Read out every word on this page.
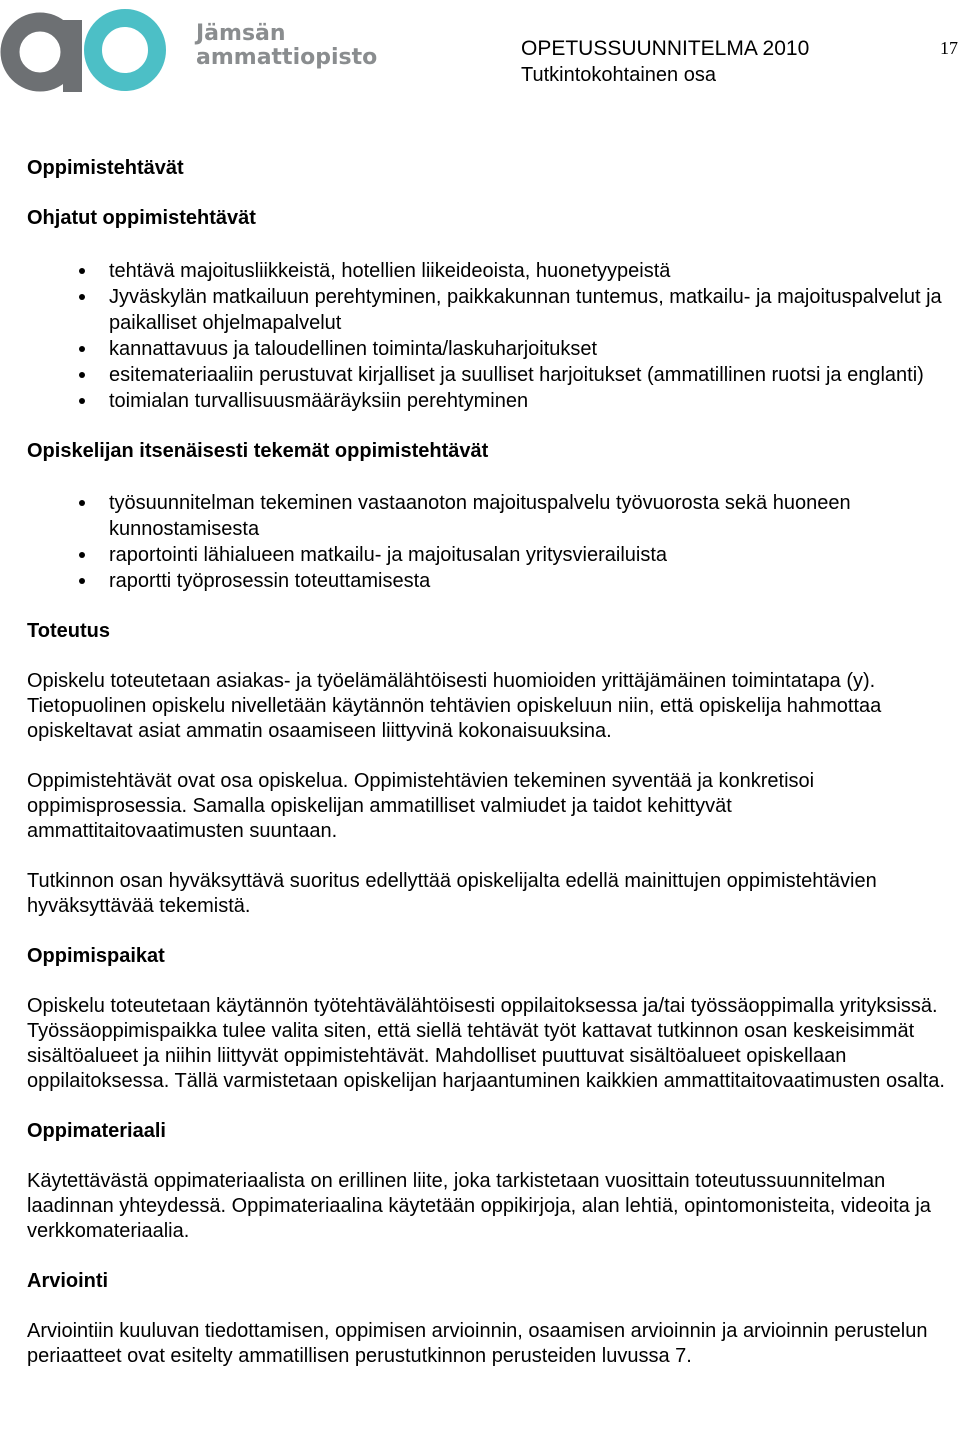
Jämsän
ammattiopisto	OPETUSSUUNNITELMA 2010
Tutkintokohtainen osa
17
Oppimistehtävät
Ohjatut oppimistehtävät
tehtävä majoitusliikkeistä, hotellien liikeideoista, huonetyypeistä
Jyväskylän matkailuun perehtyminen, paikkakunnan tuntemus, matkailu- ja majoituspalvelut ja paikalliset ohjelmapalvelut
kannattavuus ja taloudellinen toiminta/laskuharjoitukset
esitemateriaaliin perustuvat kirjalliset ja suulliset harjoitukset (ammatillinen ruotsi ja englanti)
toimialan turvallisuusmääräyksiin perehtyminen
Opiskelijan itsenäisesti tekemät oppimistehtävät
työsuunnitelman tekeminen vastaanoton majoituspalvelu työvuorosta sekä huoneen kunnostamisesta
raportointi lähialueen matkailu- ja majoitusalan yritysvierailuista
raportti työprosessin toteuttamisesta
Toteutus

Opiskelu toteutetaan asiakas- ja työelämälähtöisesti huomioiden yrittäjämäinen toimintatapa (y). Tietopuolinen opiskelu nivelletään käytännön tehtävien opiskeluun niin, että opiskelija hahmottaa opiskeltavat asiat ammatin osaamiseen liittyvinä kokonaisuuksina.

Oppimistehtävät ovat osa opiskelua. Oppimistehtävien tekeminen syventää ja konkretisoi oppimisprosessia. Samalla opiskelijan ammatilliset valmiudet ja taidot kehittyvät ammattitaitovaatimusten suuntaan.

Tutkinnon osan hyväksyttävä suoritus edellyttää opiskelijalta edellä mainittujen oppimistehtävien hyväksyttävää tekemistä.

Oppimispaikat

Opiskelu toteutetaan käytännön työtehtävälähtöisesti oppilaitoksessa ja/tai työssäoppimalla yrityksissä. Työssäoppimispaikka tulee valita siten, että siellä tehtävät työt kattavat tutkinnon osan keskeisimmät sisältöalueet ja niihin liittyvät oppimistehtävät. Mahdolliset puuttuvat sisältöalueet opiskellaan oppilaitoksessa. Tällä varmistetaan opiskelijan harjaantuminen kaikkien ammattitaitovaatimusten osalta.

Oppimateriaali

Käytettävästä oppimateriaalista on erillinen liite, joka tarkistetaan vuosittain toteutussuunnitelman laadinnan yhteydessä. Oppimateriaalina käytetään oppikirjoja, alan lehtiä, opintomonisteita, videoita ja verkkomateriaalia.

Arviointi

Arviointiin kuuluvan tiedottamisen, oppimisen arvioinnin, osaamisen arvioinnin ja arvioinnin perustelun periaatteet ovat esitelty ammatillisen perustutkinnon perusteiden luvussa 7.
